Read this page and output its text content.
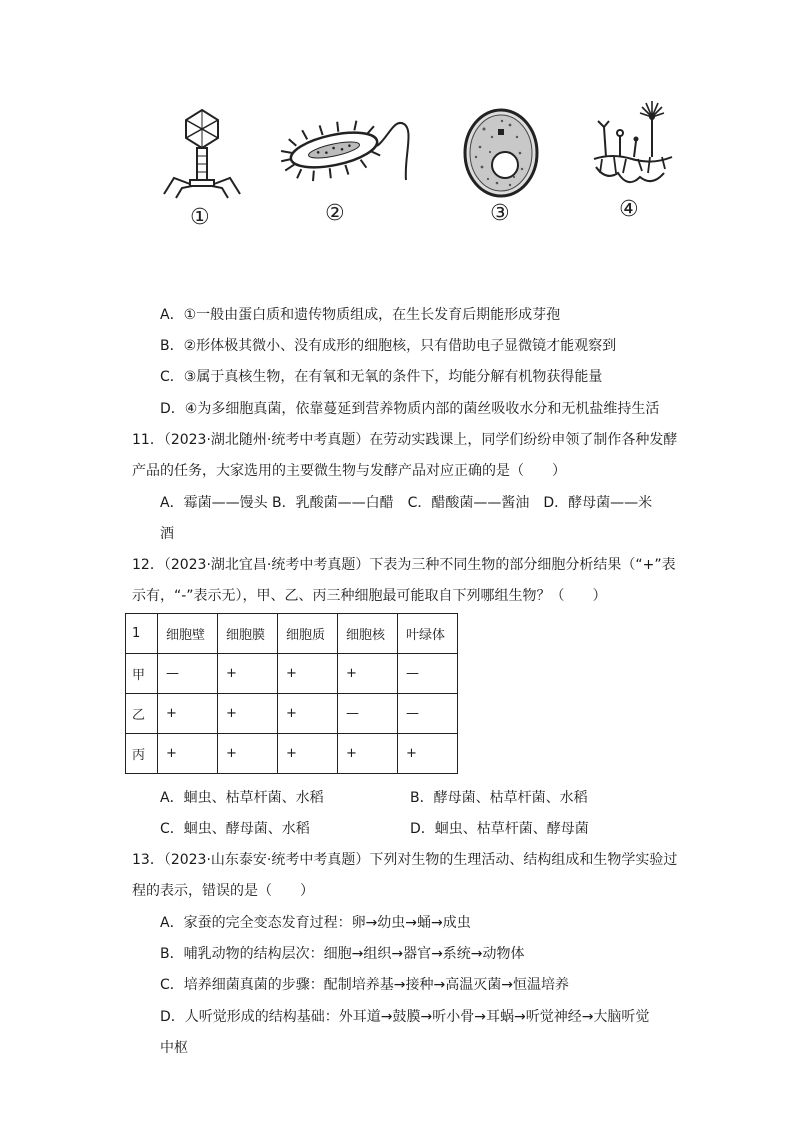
①	②	③	④
A．①一般由蛋白质和遗传物质组成，在生长发育后期能形成芽孢
B．②形体极其微小、没有成形的细胞核，只有借助电子显微镜才能观察到
C．③属于真核生物，在有氧和无氧的条件下，均能分解有机物获得能量
D．④为多细胞真菌，依靠蔓延到营养物质内部的菌丝吸收水分和无机盐维持生活
11．（2023·湖北随州·统考中考真题）在劳动实践课上，同学们纷纷申领了制作各种发酵
产品的任务，大家选用的主要微生物与发酵产品对应正确的是（　　）
A．霉菌——馒头 B．乳酸菌——白醋　C．醋酸菌——酱油　D．酵母菌——米
酒
12．（2023·湖北宜昌·统考中考真题）下表为三种不同生物的部分细胞分析结果（“+”表
示有，“-”表示无），甲、乙、丙三种细胞最可能取自下列哪组生物？（　　）
1	细胞壁	细胞膜	细胞质	细胞核	叶绿体
甲	—	+	+	+	—
乙	+	+	+	—	—
丙	+	+	+	+	+
A．蛔虫、枯草杆菌、水稻	B．酵母菌、枯草杆菌、水稻
C．蛔虫、酵母菌、水稻	D．蛔虫、枯草杆菌、酵母菌
13．（2023·山东泰安·统考中考真题）下列对生物的生理活动、结构组成和生物学实验过
程的表示，错误的是（　　）
A．家蚕的完全变态发育过程：卵→幼虫→蛹→成虫
B．哺乳动物的结构层次：细胞→组织→器官→系统→动物体
C．培养细菌真菌的步骤：配制培养基→接种→高温灭菌→恒温培养
D．人听觉形成的结构基础：外耳道→鼓膜→听小骨→耳蜗→听觉神经→大脑听觉
中枢
